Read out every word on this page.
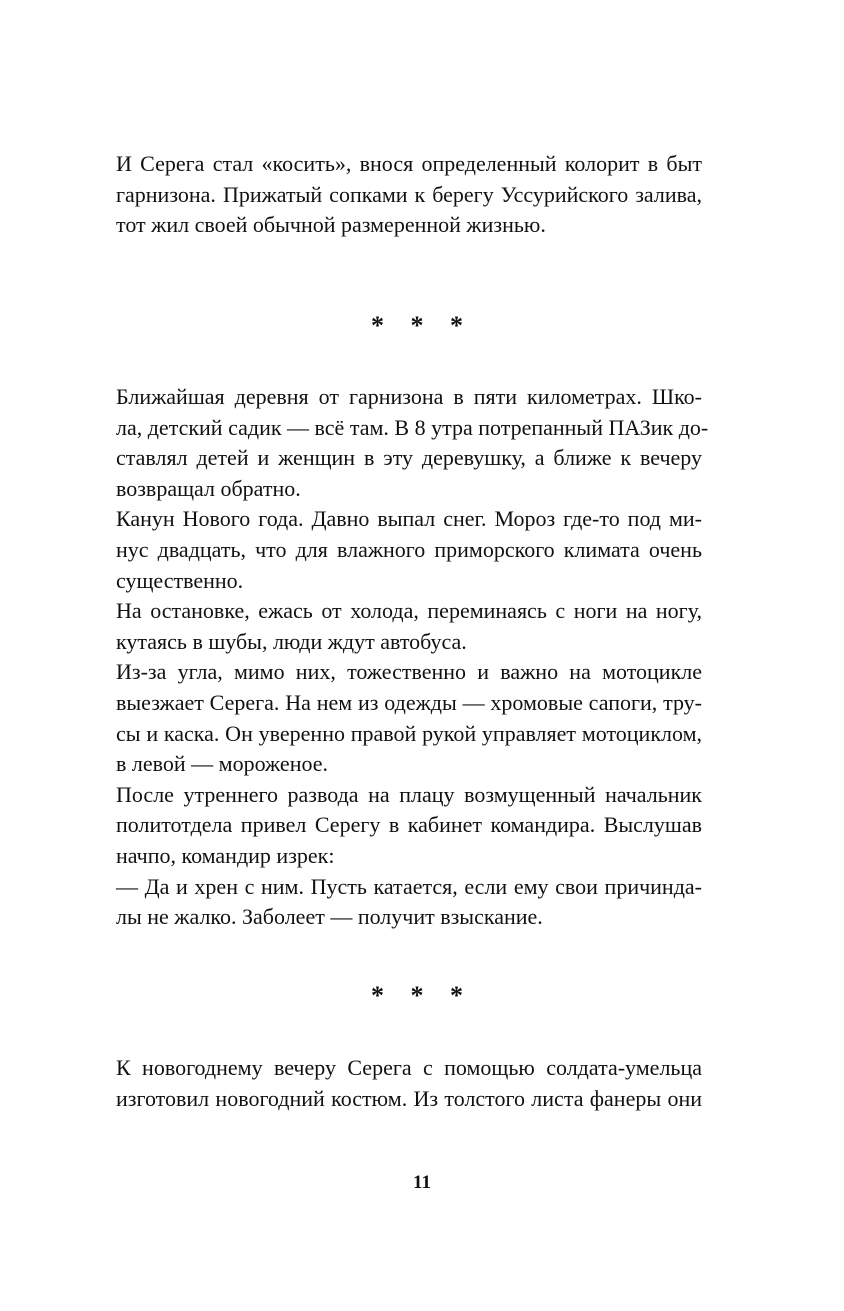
И Серега стал «косить», внося определенный колорит в быт
гарнизона. Прижатый сопками к берегу Уссурийского залива,
тот жил своей обычной размеренной жизнью.
* * *
Ближайшая деревня от гарнизона в пяти километрах. Шко-
ла, детский садик — всё там. В 8 утра потрепанный ПАЗик до-
ставлял детей и женщин в эту деревушку, а ближе к вечеру
возвращал обратно.
Канун Нового года. Давно выпал снег. Мороз где-то под ми-
нус двадцать, что для влажного приморского климата очень
существенно.
На остановке, ежась от холода, переминаясь с ноги на ногу,
кутаясь в шубы, люди ждут автобуса.
Из-за угла, мимо них, тожественно и важно на мотоцикле
выезжает Серега. На нем из одежды — хромовые сапоги, тру-
сы и каска. Он уверенно правой рукой управляет мотоциклом,
в левой — мороженое.
После утреннего развода на плацу возмущенный начальник
политотдела привел Серегу в кабинет командира. Выслушав
начпо, командир изрек:
— Да и хрен с ним. Пусть катается, если ему свои причинда-
лы не жалко. Заболеет — получит взыскание.
* * *
К новогоднему вечеру Серега с помощью солдата-умельца
изготовил новогодний костюм. Из толстого листа фанеры они
11
